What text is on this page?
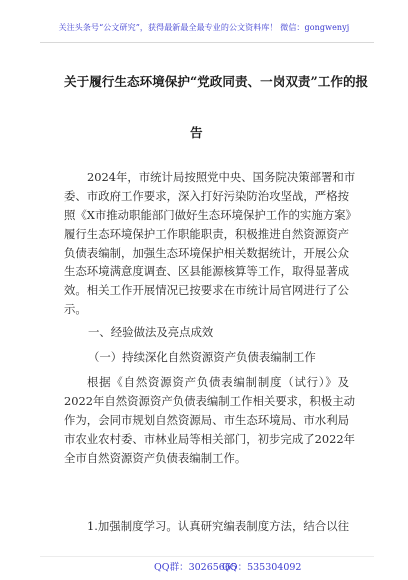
关注头条号“公文研究”，获得最新最全最专业的公文资料库！ 微信：gongwenyj
关于履行生态环境保护“党政同责、一岗双责”工作的报
告
2024年，市统计局按照党中央、国务院决策部署和市
委、市政府工作要求，深入打好污染防治攻坚战，严格按
照《X市推动职能部门做好生态环境保护工作的实施方案》
履行生态环境保护工作职能职责，积极推进自然资源资产
负债表编制，加强生态环境保护相关数据统计，开展公众
生态环境满意度调查、区县能源核算等工作，取得显著成
效。相关工作开展情况已按要求在市统计局官网进行了公
示。
一、经验做法及亮点成效
（一）持续深化自然资源资产负债表编制工作
根据《自然资源资产负债表编制制度（试行）》及
2022年自然资源资产负债表编制工作相关要求，积极主动
作为，会同市规划自然资源局、市生态环境局、市水利局
市农业农村委、市林业局等相关部门，初步完成了2022年
全市自然资源资产负债表编制工作。
1.加强制度学习。认真研究编表制度方法，结合以往
QQ群：30265665
QQ：535304092
